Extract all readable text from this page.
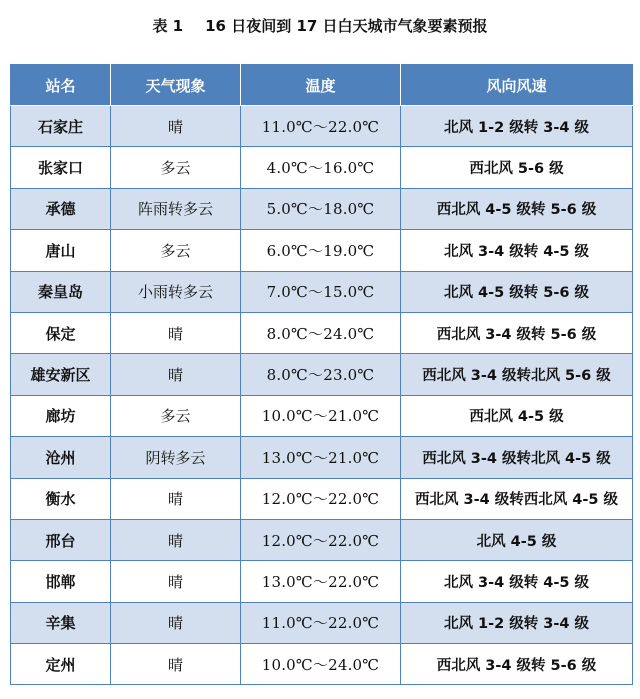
表 1 16 日夜间到 17 日白天城市气象要素预报
站名	天气现象	温度	风向风速
石家庄	晴	11.0℃～22.0℃	北风 1-2 级转 3-4 级
张家口	多云	4.0℃～16.0℃	西北风 5-6 级
承德	阵雨转多云	5.0℃～18.0℃	西北风 4-5 级转 5-6 级
唐山	多云	6.0℃～19.0℃	北风 3-4 级转 4-5 级
秦皇岛	小雨转多云	7.0℃～15.0℃	北风 4-5 级转 5-6 级
保定	晴	8.0℃～24.0℃	西北风 3-4 级转 5-6 级
雄安新区	晴	8.0℃～23.0℃	西北风 3-4 级转北风 5-6 级
廊坊	多云	10.0℃～21.0℃	西北风 4-5 级
沧州	阴转多云	13.0℃～21.0℃	西北风 3-4 级转北风 4-5 级
衡水	晴	12.0℃～22.0℃	西北风 3-4 级转西北风 4-5 级
邢台	晴	12.0℃～22.0℃	北风 4-5 级
邯郸	晴	13.0℃～22.0℃	北风 3-4 级转 4-5 级
辛集	晴	11.0℃～22.0℃	北风 1-2 级转 3-4 级
定州	晴	10.0℃～24.0℃	西北风 3-4 级转 5-6 级
